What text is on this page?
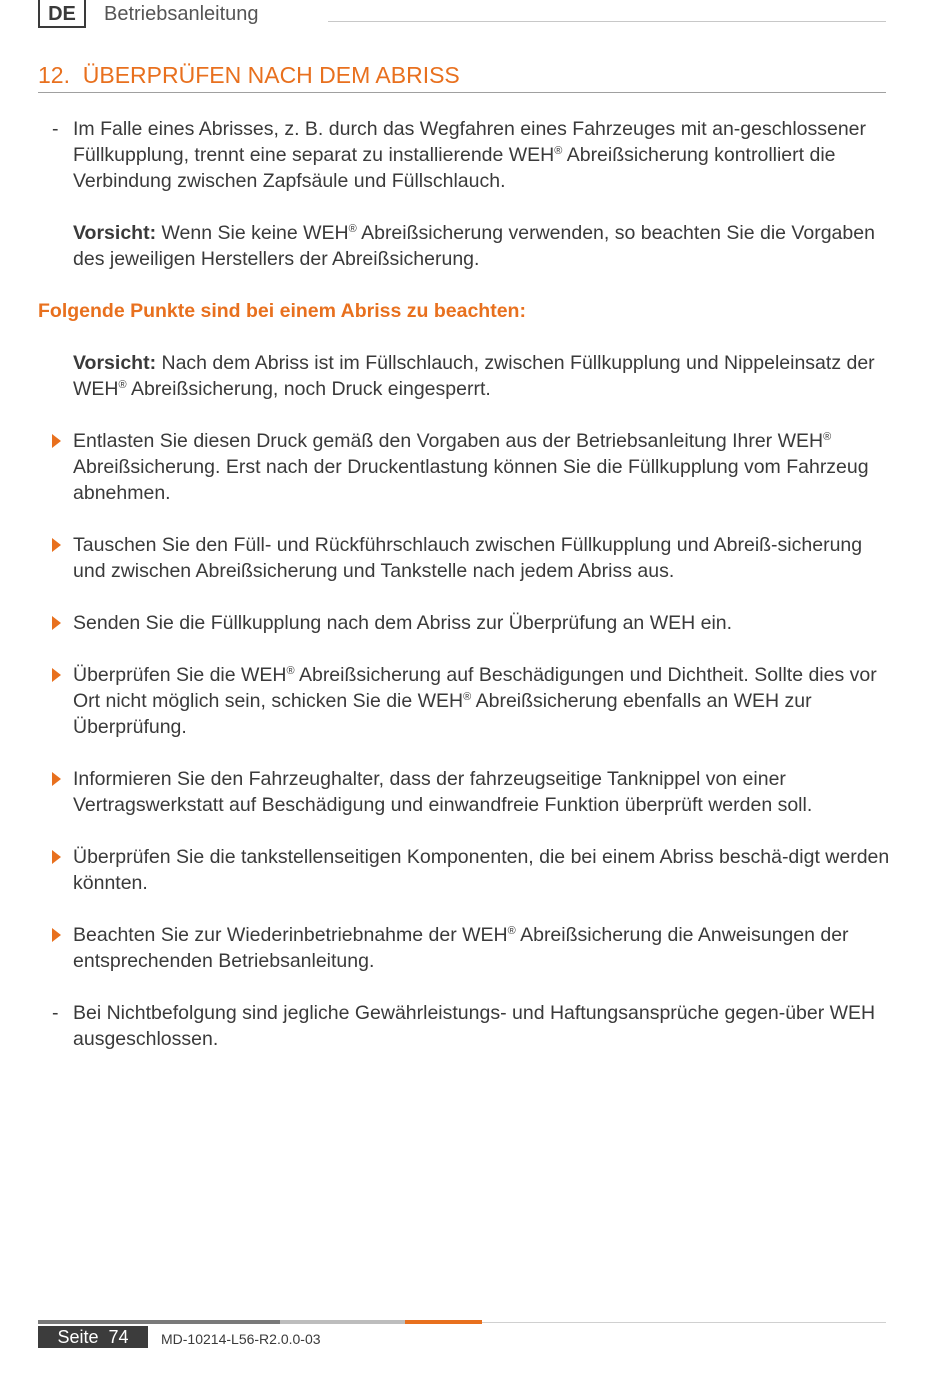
DE	Betriebsanleitung
12. ÜBERPRÜFEN NACH DEM ABRISS
- Im Falle eines Abrisses, z. B. durch das Wegfahren eines Fahrzeuges mit an-geschlossener Füllkupplung, trennt eine separat zu installierende WEH® Abreißsicherung kontrolliert die Verbindung zwischen Zapfsäule und Füllschlauch.
Vorsicht: Wenn Sie keine WEH® Abreißsicherung verwenden, so beachten Sie die Vorgaben des jeweiligen Herstellers der Abreißsicherung.
Folgende Punkte sind bei einem Abriss zu beachten:
Vorsicht: Nach dem Abriss ist im Füllschlauch, zwischen Füllkupplung und Nippeleinsatz der WEH® Abreißsicherung, noch Druck eingesperrt.
Entlasten Sie diesen Druck gemäß den Vorgaben aus der Betriebsanleitung Ihrer WEH® Abreißsicherung. Erst nach der Druckentlastung können Sie die Füllkupplung vom Fahrzeug abnehmen.
Tauschen Sie den Füll- und Rückführschlauch zwischen Füllkupplung und Abreiß-sicherung und zwischen Abreißsicherung und Tankstelle nach jedem Abriss aus.
Senden Sie die Füllkupplung nach dem Abriss zur Überprüfung an WEH ein.
Überprüfen Sie die WEH® Abreißsicherung auf Beschädigungen und Dichtheit. Sollte dies vor Ort nicht möglich sein, schicken Sie die WEH® Abreißsicherung ebenfalls an WEH zur Überprüfung.
Informieren Sie den Fahrzeughalter, dass der fahrzeugseitige Tanknippel von einer Vertragswerkstatt auf Beschädigung und einwandfreie Funktion überprüft werden soll.
Überprüfen Sie die tankstellenseitigen Komponenten, die bei einem Abriss beschä-digt werden könnten.
Beachten Sie zur Wiederinbetriebnahme der WEH® Abreißsicherung die Anweisungen der entsprechenden Betriebsanleitung.
- Bei Nichtbefolgung sind jegliche Gewährleistungs- und Haftungsansprüche gegen-über WEH ausgeschlossen.
Seite 74	MD-10214-L56-R2.0.0-03
